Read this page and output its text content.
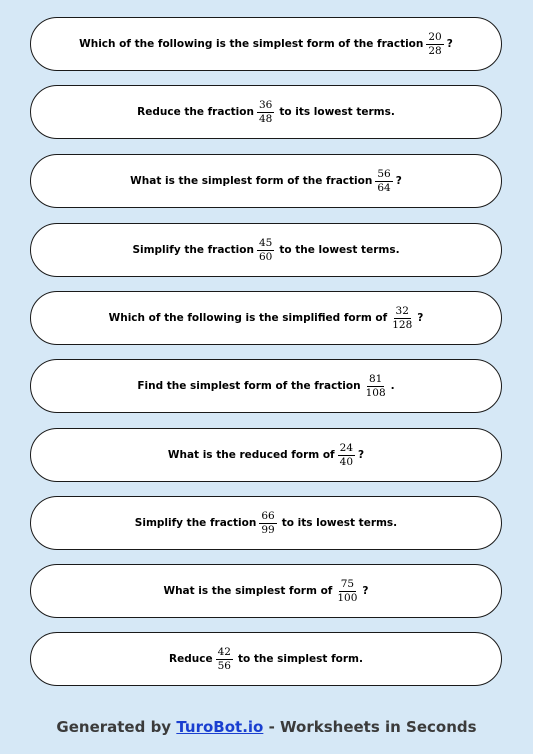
Which of the following is the simplest form of the fraction $\frac{20}{28}$ ?
Reduce the fraction $\frac{36}{48}$ to its lowest terms.
What is the simplest form of the fraction $\frac{56}{64}$ ?
Simplify the fraction $\frac{45}{60}$ to the lowest terms.
Which of the following is the simplified form of $\frac{32}{128}$ ?
Find the simplest form of the fraction $\frac{81}{108}$ .
What is the reduced form of $\frac{24}{40}$ ?
Simplify the fraction $\frac{66}{99}$ to its lowest terms.
What is the simplest form of $\frac{75}{100}$ ?
Reduce $\frac{42}{56}$ to the simplest form.
Generated by TuroBot.io - Worksheets in Seconds
